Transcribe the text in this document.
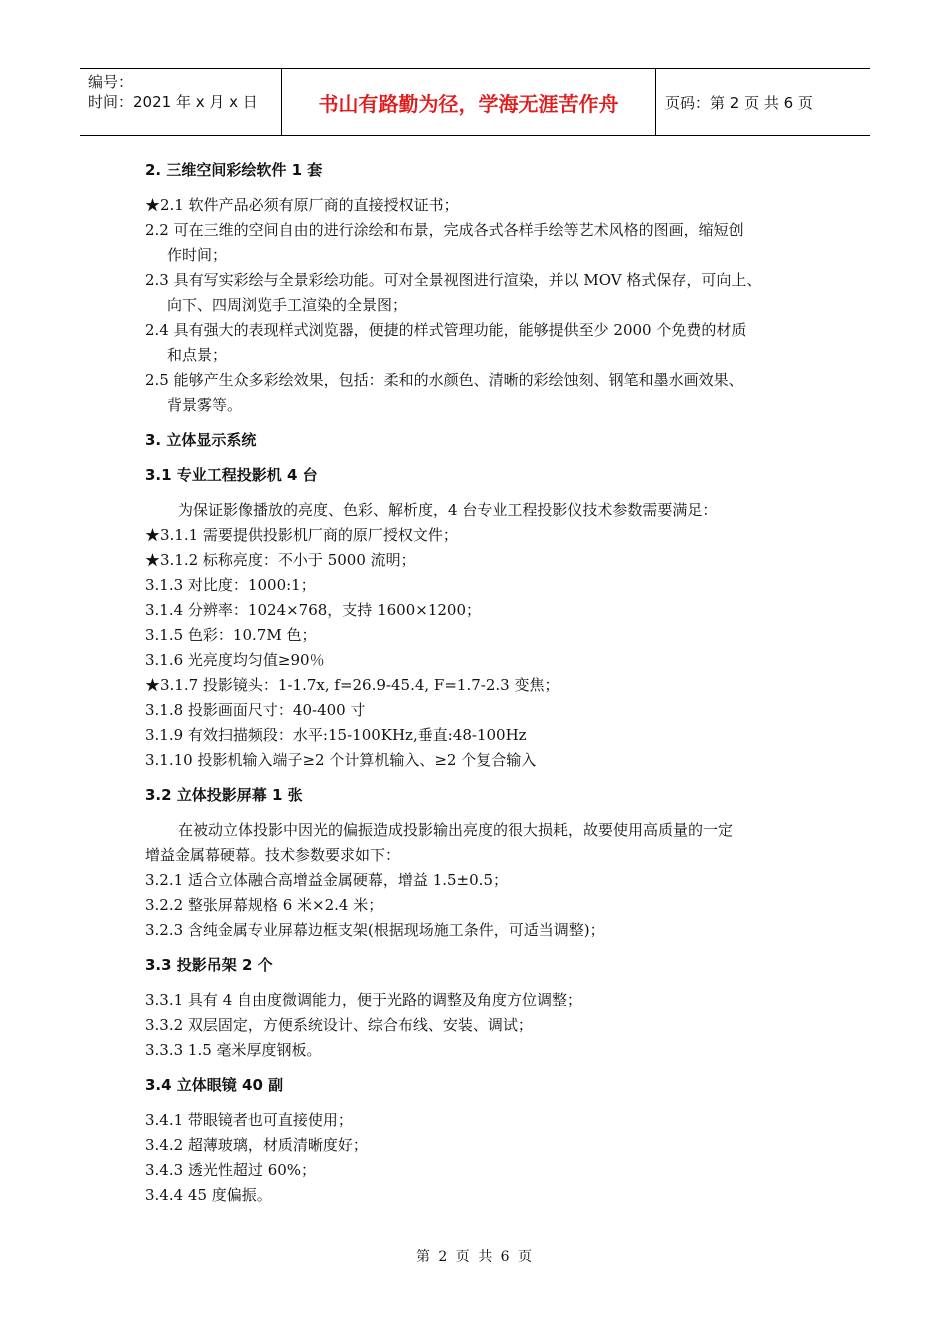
编号：
时间：2021 年 x 月 x 日	书山有路勤为径，学海无涯苦作舟	页码：第 2 页 共 6 页

2. 三维空间彩绘软件 1 套

★2.1 软件产品必须有原厂商的直接授权证书；

2.2 可在三维的空间自由的进行涂绘和布景，完成各式各样手绘等艺术风格的图画，缩短创

作时间；

2.3 具有写实彩绘与全景彩绘功能。可对全景视图进行渲染，并以 MOV 格式保存，可向上、

向下、四周浏览手工渲染的全景图；

2.4 具有强大的表现样式浏览器，便捷的样式管理功能，能够提供至少 2000 个免费的材质

和点景；

2.5 能够产生众多彩绘效果，包括：柔和的水颜色、清晰的彩绘蚀刻、钢笔和墨水画效果、

背景雾等。

3. 立体显示系统

3.1 专业工程投影机 4 台

为保证影像播放的亮度、色彩、解析度，4 台专业工程投影仪技术参数需要满足：

★3.1.1 需要提供投影机厂商的原厂授权文件；

★3.1.2 标称亮度：不小于 5000 流明；

3.1.3 对比度：1000:1；

3.1.4 分辨率：1024×768，支持 1600×1200；

3.1.5 色彩：10.7M 色；

3.1.6 光亮度均匀值≥90％

★3.1.7 投影镜头：1-1.7x, f=26.9-45.4, F=1.7-2.3 变焦；

3.1.8 投影画面尺寸：40-400 寸

3.1.9 有效扫描频段：水平:15-100KHz,垂直:48-100Hz

3.1.10 投影机输入端子≥2 个计算机输入、≥2 个复合输入

3.2 立体投影屏幕 1 张

在被动立体投影中因光的偏振造成投影输出亮度的很大损耗，故要使用高质量的一定

增益金属幕硬幕。技术参数要求如下：

3.2.1 适合立体融合高增益金属硬幕，增益 1.5±0.5；

3.2.2 整张屏幕规格 6 米×2.4 米；

3.2.3 含纯金属专业屏幕边框支架(根据现场施工条件，可适当调整)；

3.3 投影吊架 2 个

3.3.1 具有 4 自由度微调能力，便于光路的调整及角度方位调整；

3.3.2 双层固定，方便系统设计、综合布线、安装、调试；

3.3.3 1.5 毫米厚度钢板。

3.4 立体眼镜 40 副

3.4.1 带眼镜者也可直接使用；

3.4.2 超薄玻璃，材质清晰度好；

3.4.3 透光性超过 60%；

3.4.4 45 度偏振。

第 2 页 共 6 页
